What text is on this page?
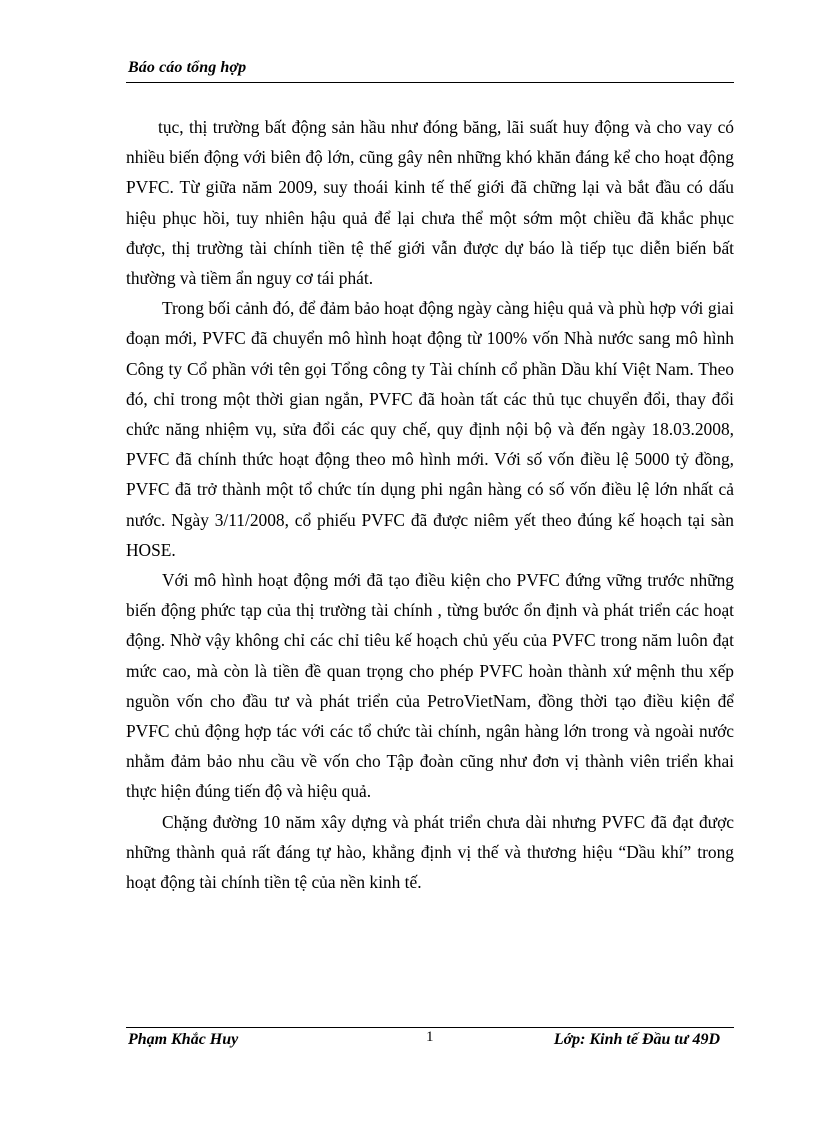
Báo cáo tổng hợp

tục, thị trường bất động sản hầu như đóng băng, lãi suất huy động và cho vay có nhiều biến động với biên độ lớn, cũng gây nên những khó khăn đáng kể cho hoạt động PVFC. Từ giữa năm 2009, suy thoái kinh tế thế giới đã chững lại và bắt đầu có dấu hiệu phục hồi, tuy nhiên hậu quả để lại chưa thể một sớm một chiều đã khắc phục được, thị trường tài chính tiền tệ thế giới vẫn được dự báo là tiếp tục diễn biến bất thường và tiềm ẩn nguy cơ tái phát.

Trong bối cảnh đó, để đảm bảo hoạt động ngày càng hiệu quả và phù hợp với giai đoạn mới, PVFC đã chuyển mô hình hoạt động từ 100% vốn Nhà nước sang mô hình Công ty Cổ phần với tên gọi Tổng công ty Tài chính cổ phần Dầu khí Việt Nam. Theo đó, chỉ trong một thời gian ngắn, PVFC đã hoàn tất các thủ tục chuyển đổi, thay đổi chức năng nhiệm vụ, sửa đổi các quy chế, quy định nội bộ và đến ngày 18.03.2008, PVFC đã chính thức hoạt động theo mô hình mới. Với số vốn điều lệ 5000 tỷ đồng, PVFC đã trở thành một tổ chức tín dụng phi ngân hàng có số vốn điều lệ lớn nhất cả nước. Ngày 3/11/2008, cổ phiếu PVFC đã được niêm yết theo đúng kế hoạch tại sàn HOSE.

Với mô hình hoạt động mới đã tạo điều kiện cho PVFC đứng vững trước những biến động phức tạp của thị trường tài chính , từng bước ổn định và phát triển các hoạt động. Nhờ vậy không chỉ các chỉ tiêu kế hoạch chủ yếu của PVFC trong năm luôn đạt mức cao, mà còn là tiền đề quan trọng cho phép PVFC hoàn thành xứ mệnh thu xếp nguồn vốn cho đầu tư và phát triển của PetroVietNam, đồng thời tạo điều kiện để PVFC chủ động hợp tác với các tổ chức tài chính, ngân hàng lớn trong và ngoài nước nhằm đảm bảo nhu cầu về vốn cho Tập đoàn cũng như đơn vị thành viên triển khai thực hiện đúng tiến độ và hiệu quả.

Chặng đường 10 năm xây dựng và phát triển chưa dài nhưng PVFC đã đạt được những thành quả rất đáng tự hào, khẳng định vị thế và thương hiệu “Dầu khí” trong hoạt động tài chính tiền tệ của nền kinh tế.

Phạm Khắc Huy	1	Lớp: Kinh tế Đầu tư 49D
